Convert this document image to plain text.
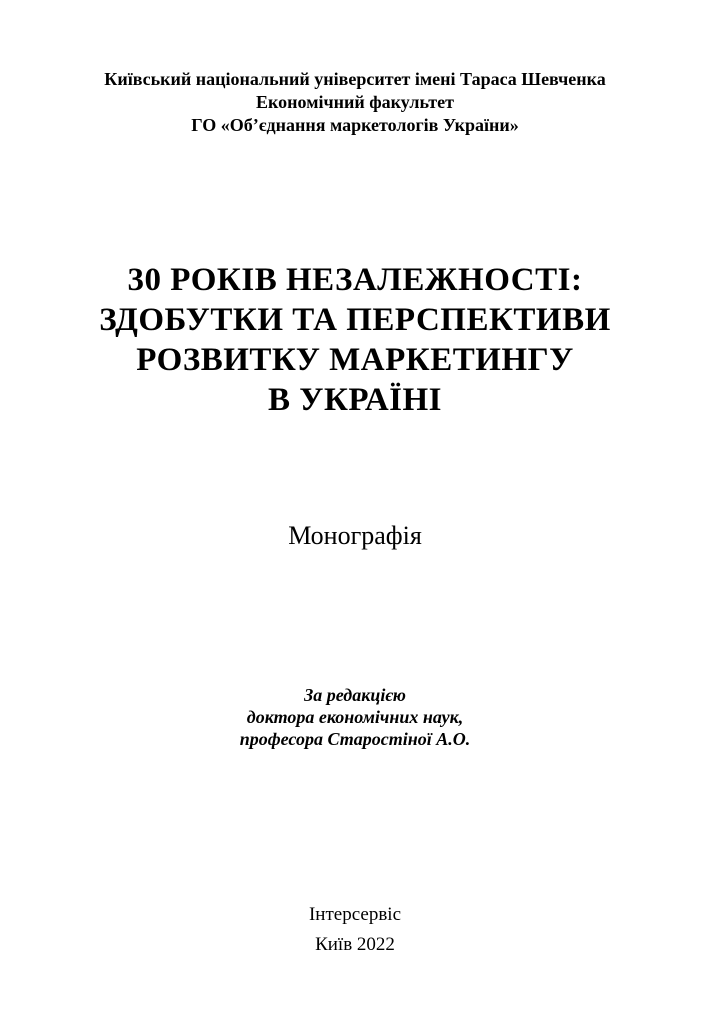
Київський національний університет імені Тараса Шевченка
Економічний факультет
ГО «Об’єднання маркетологів України»
30 РОКІВ НЕЗАЛЕЖНОСТІ:
ЗДОБУТКИ ТА ПЕРСПЕКТИВИ
РОЗВИТКУ МАРКЕТИНГУ
В УКРАЇНІ
Монографія
За редакцією
доктора економічних наук,
професора Старостіної А.О.
Інтерсервіс
Київ 2022
